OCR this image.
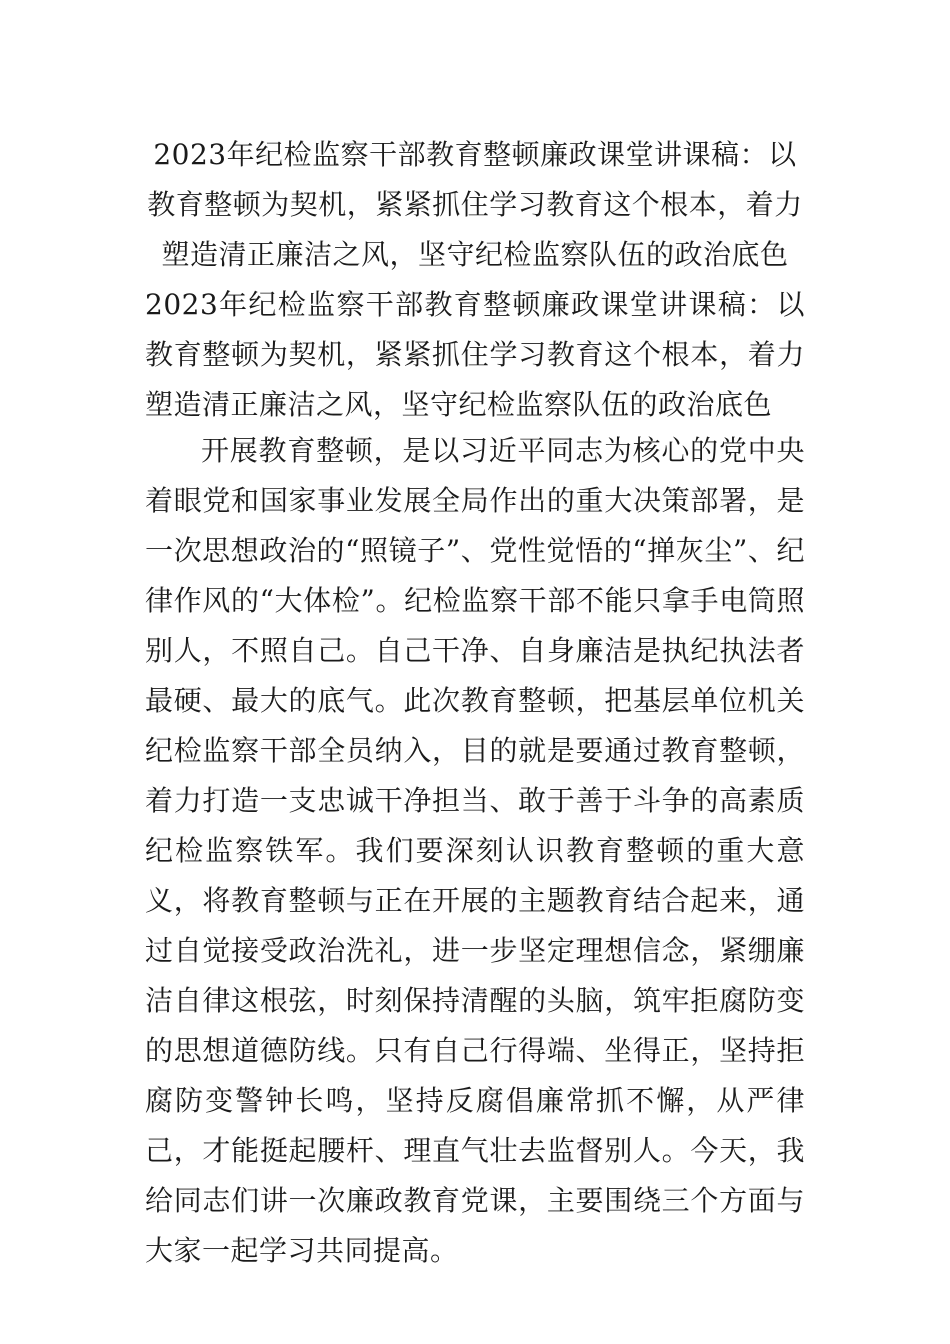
2023年纪检监察干部教育整顿廉政课堂讲课稿：以教育整顿为契机，紧紧抓住学习教育这个根本，着力塑造清正廉洁之风，坚守纪检监察队伍的政治底色

2023年纪检监察干部教育整顿廉政课堂讲课稿：以教育整顿为契机，紧紧抓住学习教育这个根本，着力塑造清正廉洁之风，坚守纪检监察队伍的政治底色

开展教育整顿，是以习近平同志为核心的党中央着眼党和国家事业发展全局作出的重大决策部署，是一次思想政治的“照镜子”、党性觉悟的“掸灰尘”、纪律作风的“大体检”。纪检监察干部不能只拿手电筒照别人，不照自己。自己干净、自身廉洁是执纪执法者最硬、最大的底气。此次教育整顿，把基层单位机关纪检监察干部全员纳入，目的就是要通过教育整顿，着力打造一支忠诚干净担当、敢于善于斗争的高素质纪检监察铁军。我们要深刻认识教育整顿的重大意义，将教育整顿与正在开展的主题教育结合起来，通过自觉接受政治洗礼，进一步坚定理想信念，紧绷廉洁自律这根弦，时刻保持清醒的头脑，筑牢拒腐防变的思想道德防线。只有自己行得端、坐得正，坚持拒腐防变警钟长鸣，坚持反腐倡廉常抓不懈，从严律己，才能挺起腰杆、理直气壮去监督别人。今天，我给同志们讲一次廉政教育党课，主要围绕三个方面与大家一起学习共同提高。
